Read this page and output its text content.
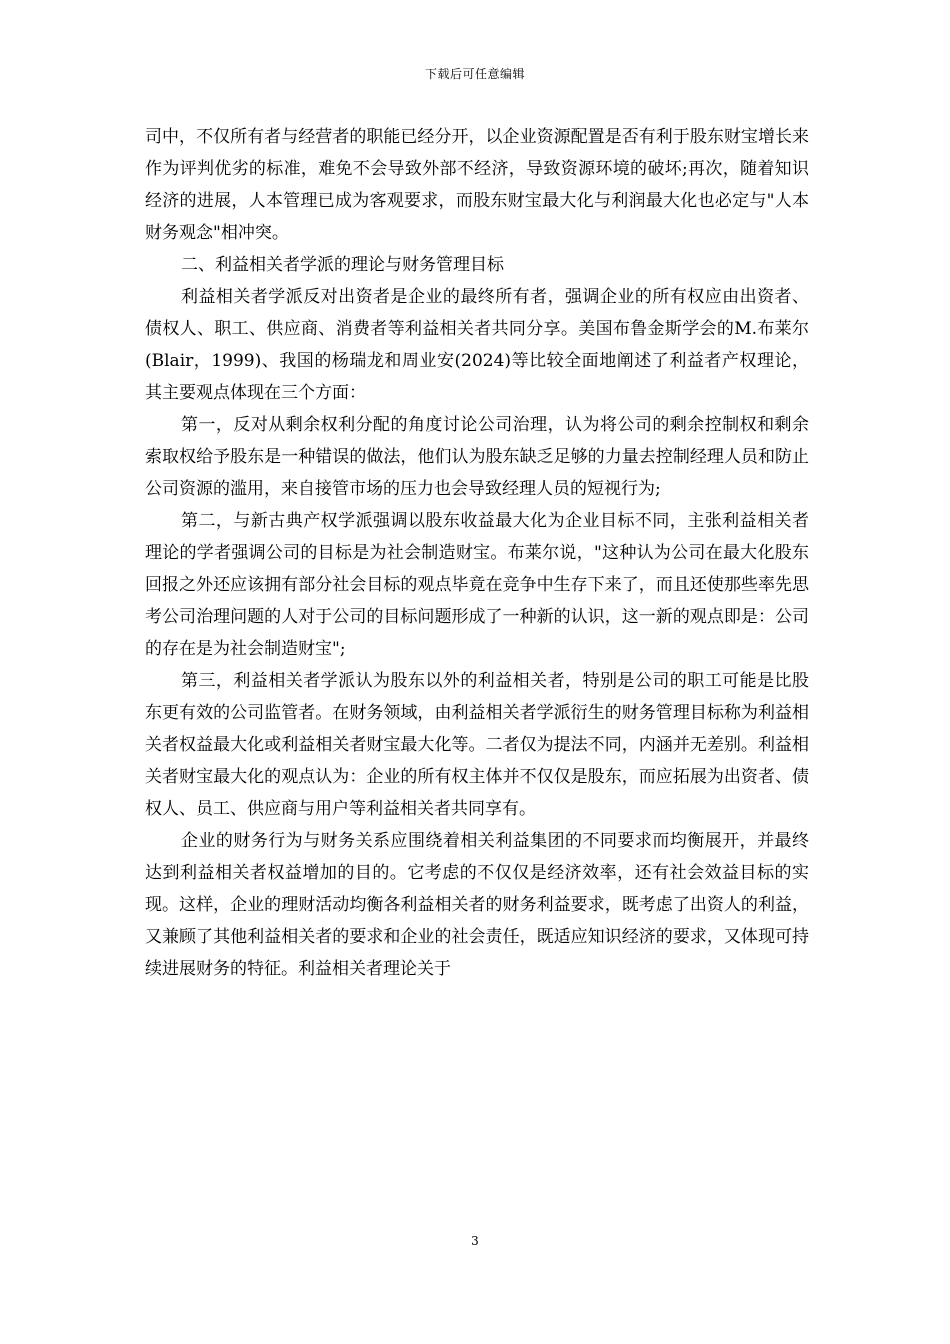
下载后可任意编辑

司中，不仅所有者与经营者的职能已经分开，以企业资源配置是否有利于股东财宝增长来作为评判优劣的标准，难免不会导致外部不经济，导致资源环境的破坏;再次，随着知识经济的进展，人本管理已成为客观要求，而股东财宝最大化与利润最大化也必定与"人本财务观念"相冲突。

二、利益相关者学派的理论与财务管理目标

利益相关者学派反对出资者是企业的最终所有者，强调企业的所有权应由出资者、债权人、职工、供应商、消费者等利益相关者共同分享。美国布鲁金斯学会的M.布莱尔(Blair，1999)、我国的杨瑞龙和周业安(2024)等比较全面地阐述了利益者产权理论，其主要观点体现在三个方面：

第一，反对从剩余权利分配的角度讨论公司治理，认为将公司的剩余控制权和剩余索取权给予股东是一种错误的做法，他们认为股东缺乏足够的力量去控制经理人员和防止公司资源的滥用，来自接管市场的压力也会导致经理人员的短视行为;

第二，与新古典产权学派强调以股东收益最大化为企业目标不同，主张利益相关者理论的学者强调公司的目标是为社会制造财宝。布莱尔说，"这种认为公司在最大化股东回报之外还应该拥有部分社会目标的观点毕竟在竞争中生存下来了，而且还使那些率先思考公司治理问题的人对于公司的目标问题形成了一种新的认识，这一新的观点即是：公司的存在是为社会制造财宝";

第三，利益相关者学派认为股东以外的利益相关者，特别是公司的职工可能是比股东更有效的公司监管者。在财务领域，由利益相关者学派衍生的财务管理目标称为利益相关者权益最大化或利益相关者财宝最大化等。二者仅为提法不同，内涵并无差别。利益相关者财宝最大化的观点认为：企业的所有权主体并不仅仅是股东，而应拓展为出资者、债权人、员工、供应商与用户等利益相关者共同享有。

企业的财务行为与财务关系应围绕着相关利益集团的不同要求而均衡展开，并最终达到利益相关者权益增加的目的。它考虑的不仅仅是经济效率，还有社会效益目标的实现。这样，企业的理财活动均衡各利益相关者的财务利益要求，既考虑了出资人的利益，又兼顾了其他利益相关者的要求和企业的社会责任，既适应知识经济的要求，又体现可持续进展财务的特征。利益相关者理论关于

3
